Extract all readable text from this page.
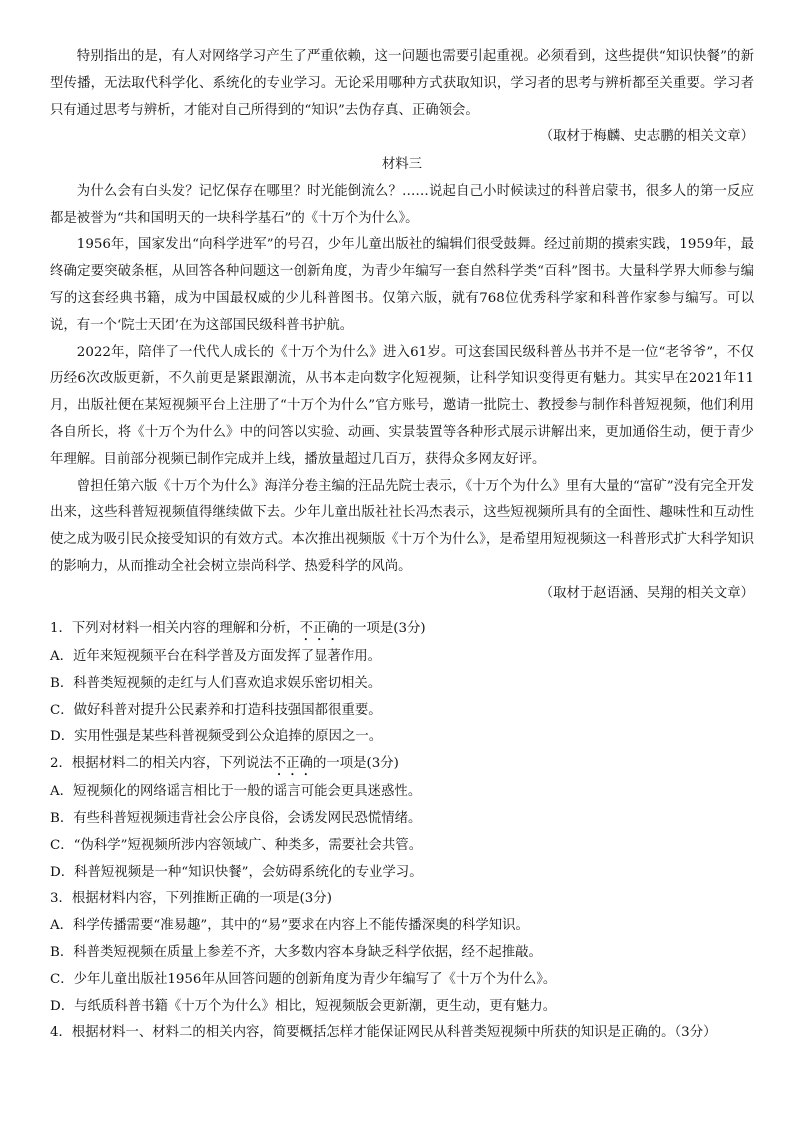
特别指出的是，有人对网络学习产生了严重依赖，这一问题也需要引起重视。必须看到，这些提供“知识快餐”的新型传播，无法取代科学化、系统化的专业学习。无论采用哪种方式获取知识，学习者的思考与辨析都至关重要。学习者只有通过思考与辨析，才能对自己所得到的“知识”去伪存真、正确领会。

（取材于梅麟、史志鹏的相关文章）

材料三

为什么会有白头发？记忆保存在哪里？时光能倒流么？……说起自己小时候读过的科普启蒙书，很多人的第一反应都是被誉为“共和国明天的一块科学基石”的《十万个为什么》。

1956年，国家发出“向科学进军”的号召，少年儿童出版社的编辑们很受鼓舞。经过前期的摸索实践，1959年，最终确定要突破条框，从回答各种问题这一创新角度，为青少年编写一套自然科学类“百科”图书。大量科学界大师参与编写的这套经典书籍，成为中国最权威的少儿科普图书。仅第六版，就有768位优秀科学家和科普作家参与编写。可以说，有一个‘院士天团’在为这部国民级科普书护航。

2022年，陪伴了一代代人成长的《十万个为什么》进入61岁。可这套国民级科普丛书并不是一位“老爷爷”，不仅历经6次改版更新，不久前更是紧跟潮流，从书本走向数字化短视频，让科学知识变得更有魅力。其实早在2021年11月，出版社便在某短视频平台上注册了“十万个为什么”官方账号，邀请一批院士、教授参与制作科普短视频，他们利用各自所长，将《十万个为什么》中的问答以实验、动画、实景装置等各种形式展示讲解出来，更加通俗生动，便于青少年理解。目前部分视频已制作完成并上线，播放量超过几百万，获得众多网友好评。

曾担任第六版《十万个为什么》海洋分卷主编的汪品先院士表示，《十万个为什么》里有大量的“富矿”没有完全开发出来，这些科普短视频值得继续做下去。少年儿童出版社社长冯杰表示，这些短视频所具有的全面性、趣味性和互动性使之成为吸引民众接受知识的有效方式。本次推出视频版《十万个为什么》，是希望用短视频这一科普形式扩大科学知识的影响力，从而推动全社会树立崇尚科学、热爱科学的风尚。

（取材于赵语涵、吴翔的相关文章）

1．下列对材料一相关内容的理解和分析，不正确的一项是(3分)

A．近年来短视频平台在科学普及方面发挥了显著作用。

B．科普类短视频的走红与人们喜欢追求娱乐密切相关。

C．做好科普对提升公民素养和打造科技强国都很重要。

D．实用性强是某些科普视频受到公众追捧的原因之一。

2．根据材料二的相关内容，下列说法不正确的一项是(3分)

A．短视频化的网络谣言相比于一般的谣言可能会更具迷惑性。

B．有些科普短视频违背社会公序良俗，会诱发网民恐慌情绪。

C．“伪科学”短视频所涉内容领域广、种类多，需要社会共管。

D．科普短视频是一种“知识快餐”，会妨碍系统化的专业学习。

3．根据材料内容，下列推断正确的一项是(3分)

A．科学传播需要“准易趣”，其中的“易”要求在内容上不能传播深奥的科学知识。

B．科普类短视频在质量上参差不齐，大多数内容本身缺乏科学依据，经不起推敲。

C．少年儿童出版社1956年从回答问题的创新角度为青少年编写了《十万个为什么》。

D．与纸质科普书籍《十万个为什么》相比，短视频版会更新潮，更生动，更有魅力。

4．根据材料一、材料二的相关内容，简要概括怎样才能保证网民从科普类短视频中所获的知识是正确的。（3分）
